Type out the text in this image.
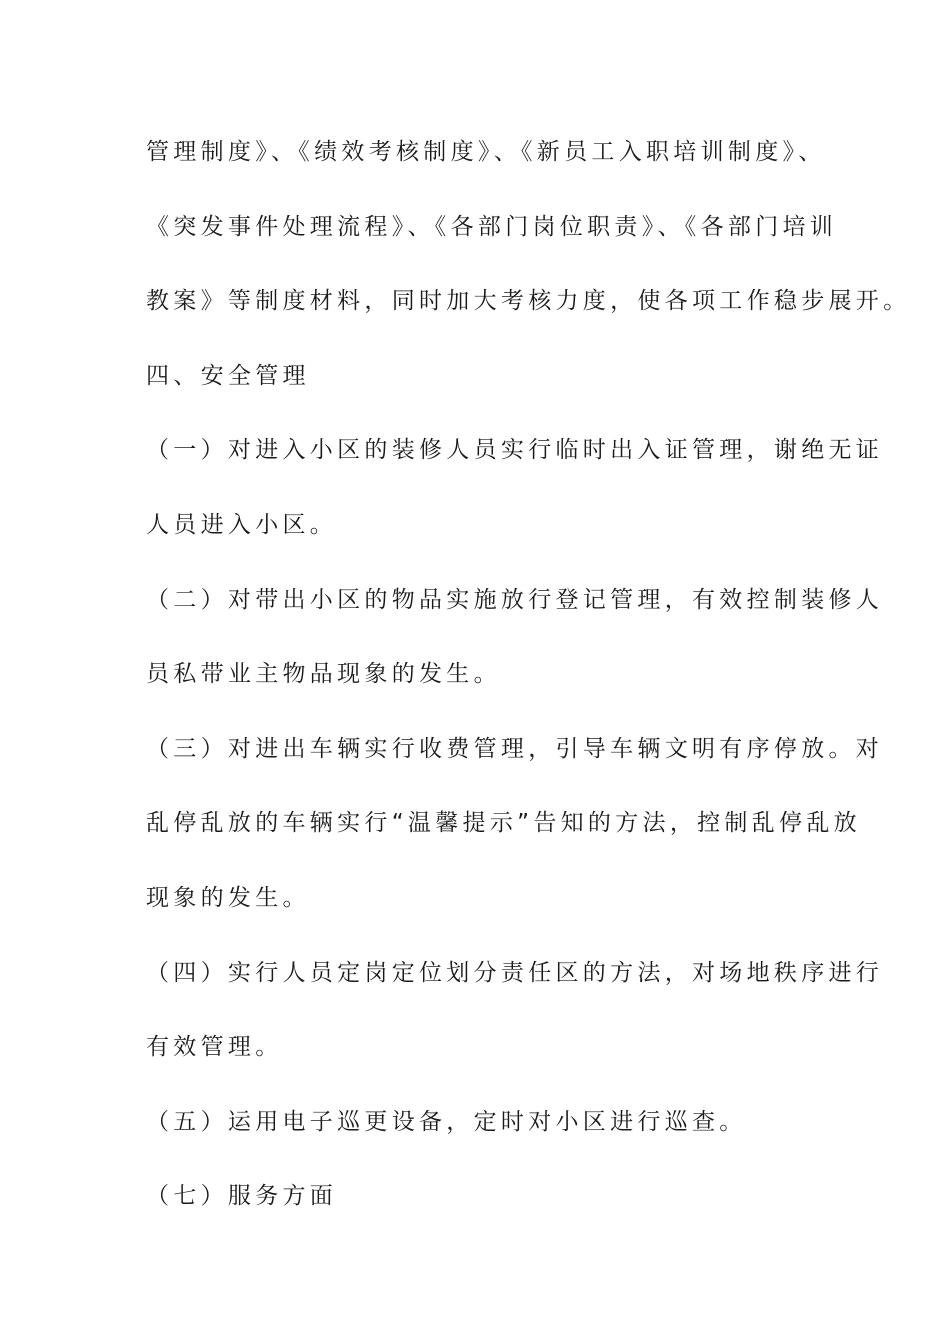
管理制度》、《绩效考核制度》、《新员工入职培训制度》、
《突发事件处理流程》、《各部门岗位职责》、《各部门培训
教案》等制度材料，同时加大考核力度，使各项工作稳步展开。
四、安全管理
（一）对进入小区的装修人员实行临时出入证管理，谢绝无证
人员进入小区。
（二）对带出小区的物品实施放行登记管理，有效控制装修人
员私带业主物品现象的发生。
（三）对进出车辆实行收费管理，引导车辆文明有序停放。对
乱停乱放的车辆实行“温馨提示”告知的方法，控制乱停乱放
现象的发生。
（四）实行人员定岗定位划分责任区的方法，对场地秩序进行
有效管理。
（五）运用电子巡更设备，定时对小区进行巡查。
（七）服务方面
